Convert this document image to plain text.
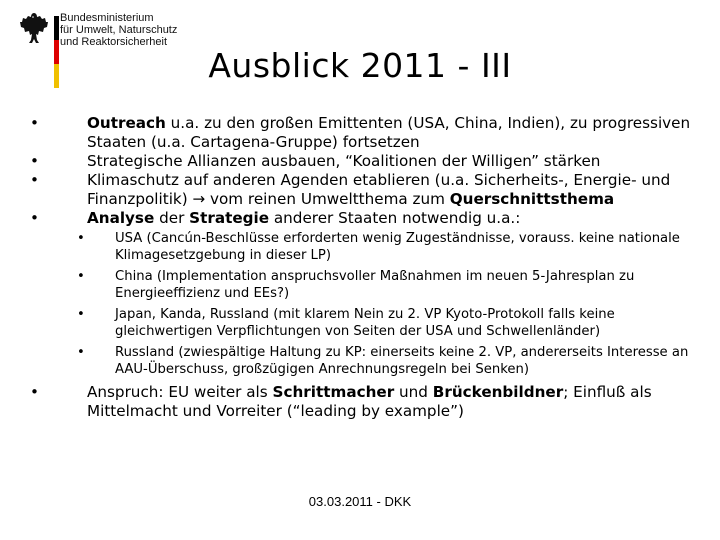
Bundesministerium
für Umwelt, Naturschutz
und Reaktorsicherheit
Ausblick 2011 - III
•	Outreach u.a. zu den großen Emittenten (USA, China, Indien), zu progressiven Staaten (u.a. Cartagena-Gruppe) fortsetzen
•	Strategische Allianzen ausbauen, “Koalitionen der Willigen” stärken
•	Klimaschutz auf anderen Agenden etablieren (u.a. Sicherheits-, Energie- und Finanzpolitik) → vom reinen Umweltthema zum Querschnittsthema
•	Analyse der Strategie anderer Staaten notwendig u.a.:
• USA (Cancún-Beschlüsse erforderten wenig Zugeständnisse, vorauss. keine nationale Klimagesetzgebung in dieser LP)
• China (Implementation anspruchsvoller Maßnahmen im neuen 5-Jahresplan zu Energieeffizienz und EEs?)
• Japan, Kanda, Russland (mit klarem Nein zu 2. VP Kyoto-Protokoll falls keine gleichwertigen Verpflichtungen von Seiten der USA und Schwellenländer)
• Russland (zwiespältige Haltung zu KP: einerseits keine 2. VP, andererseits Interesse an AAU-Überschuss, großzügigen Anrechnungsregeln bei Senken)
•	Anspruch: EU weiter als Schrittmacher und Brückenbildner; Einfluß als Mittelmacht und Vorreiter (“leading by example”)
03.03.2011 - DKK
